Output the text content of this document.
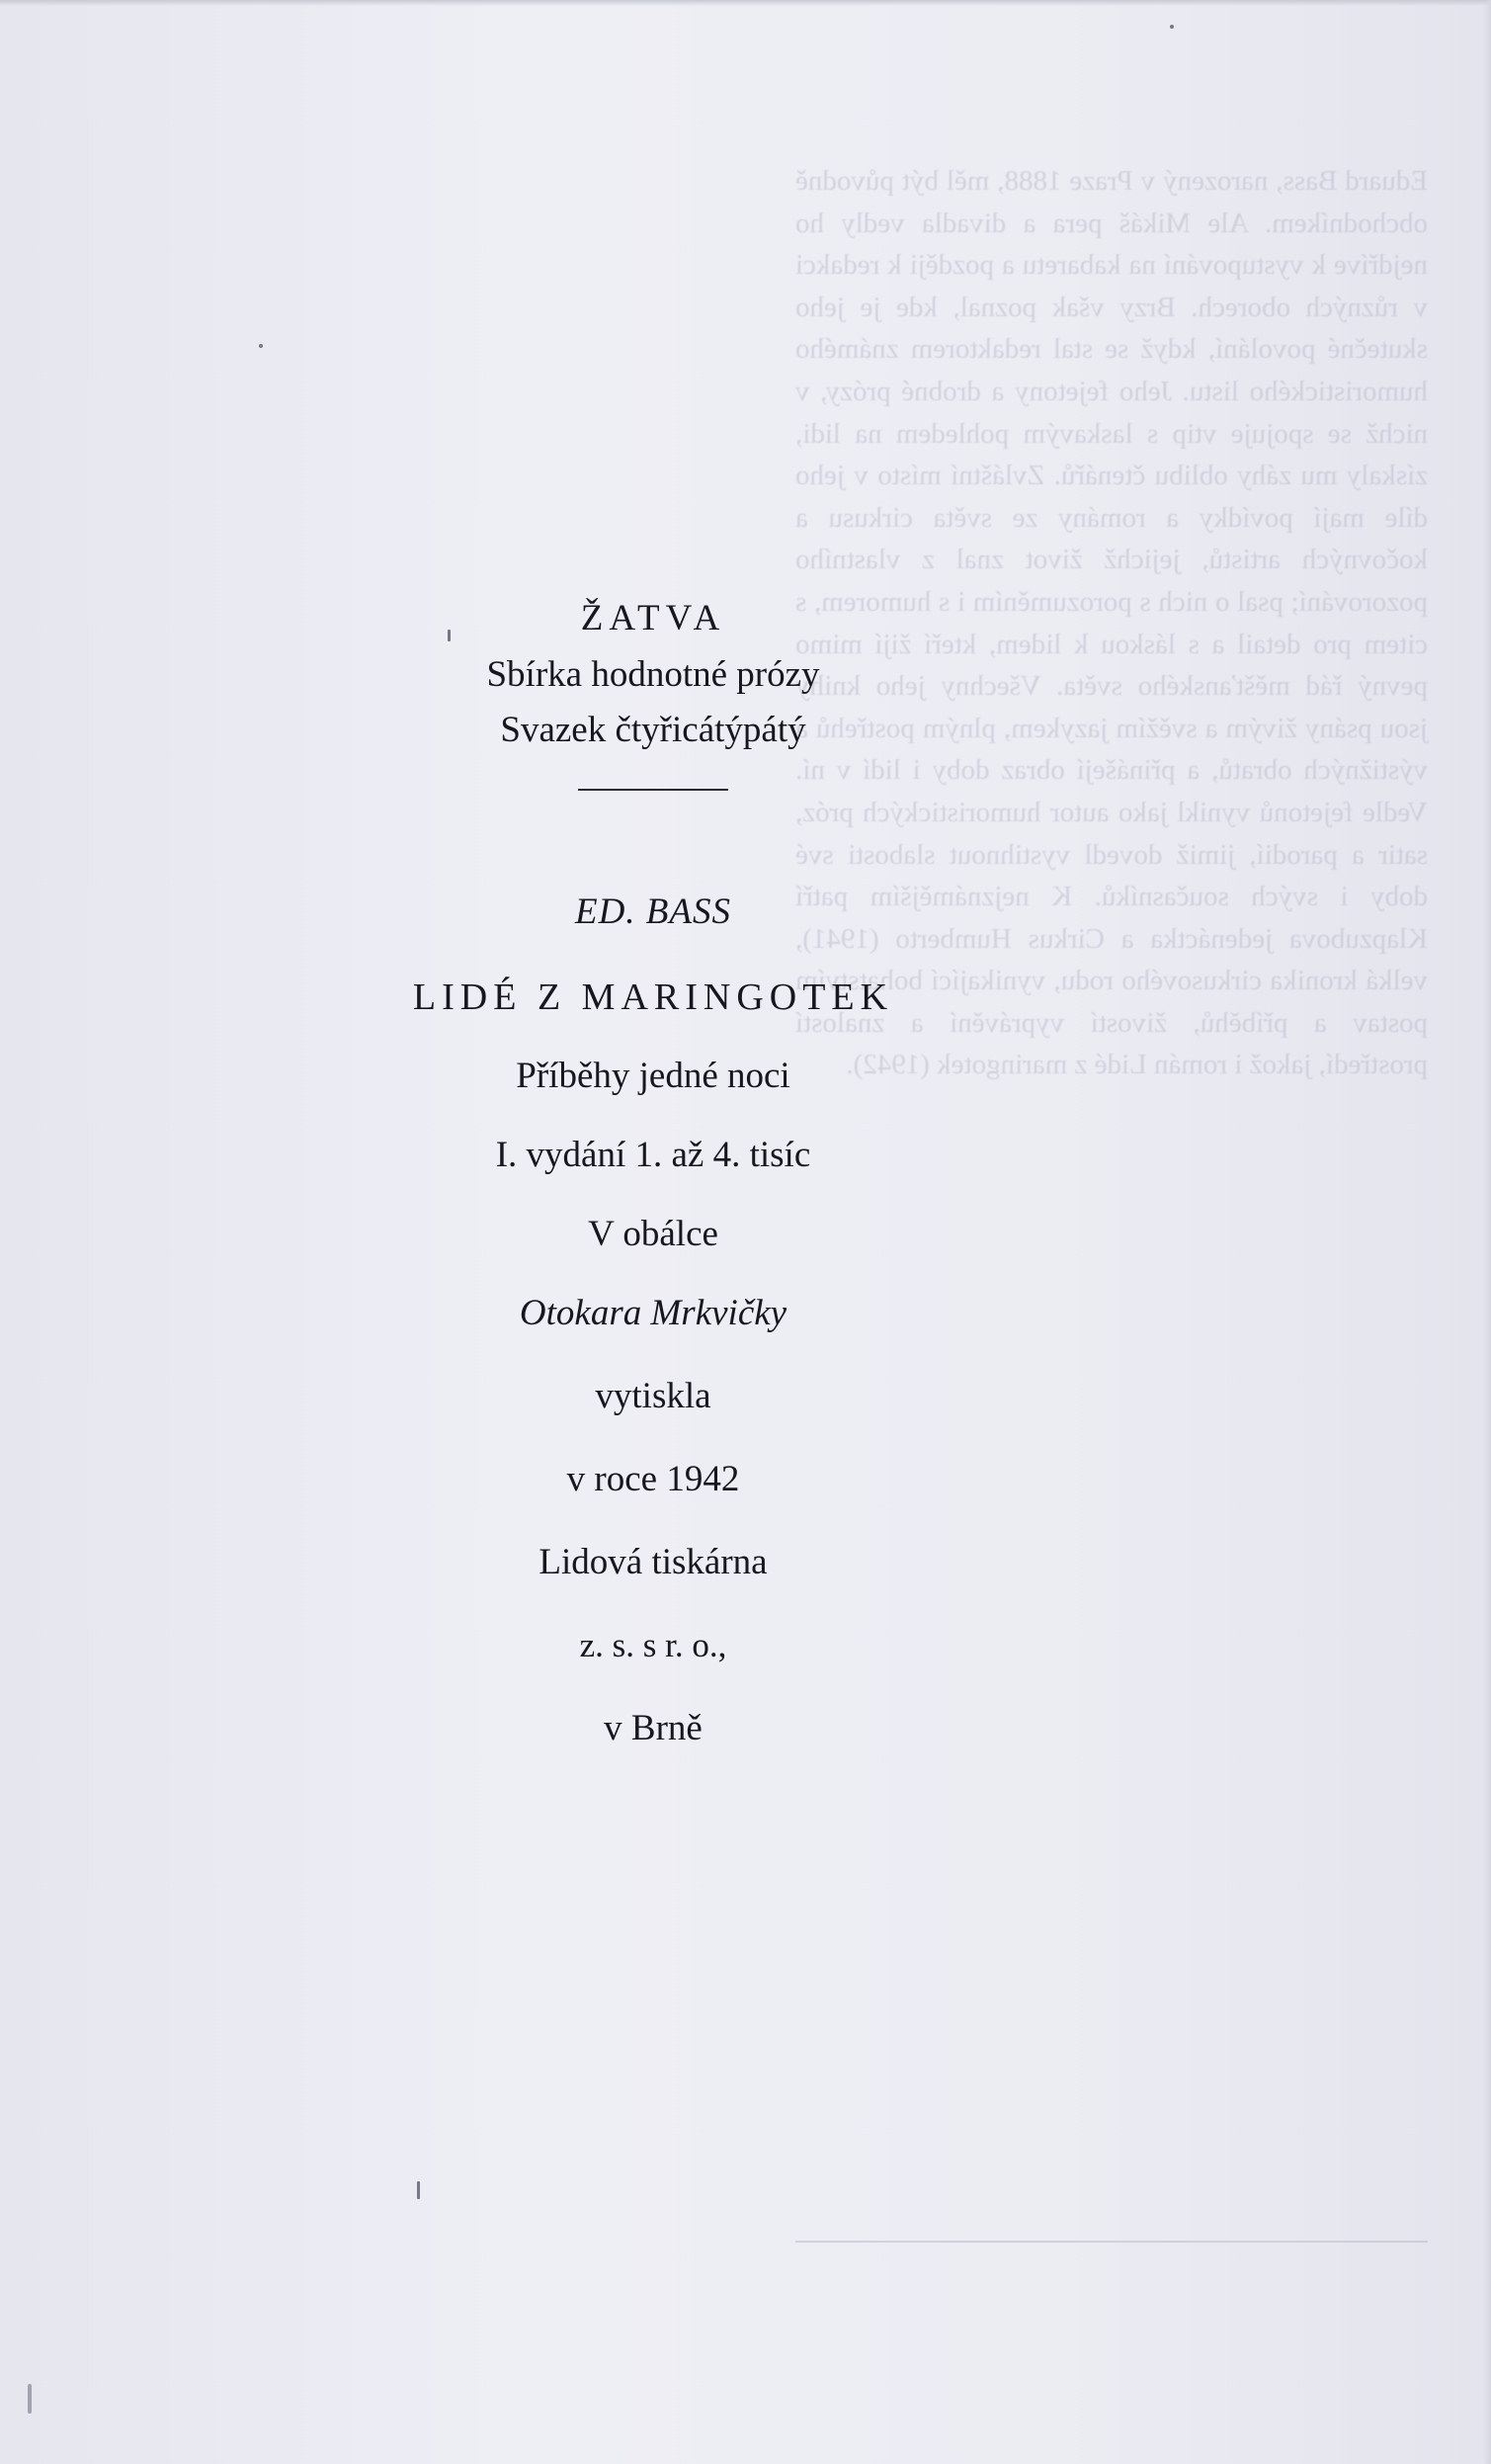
Eduard Bass, narozený v Praze 1888, měl být původně obchodníkem. Ale Mikáš pera a divadla vedly ho nejdříve k vystupování na kabaretu a později k redakci v různých oborech. Brzy však poznal, kde je jeho skutečné povolání, když se stal redaktorem známého humoristického listu. Jeho fejetony a drobné prózy, v nichž se spojuje vtip s laskavým pohledem na lidi, získaly mu záhy oblibu čtenářů. Zvláštní místo v jeho díle mají povídky a romány ze světa cirkusu a kočovných artistů, jejichž život znal z vlastního pozorování; psal o nich s porozuměním i s humorem, s citem pro detail a s láskou k lidem, kteří žijí mimo pevný řád měšťanského světa. Všechny jeho knihy jsou psány živým a svěžím jazykem, plným postřehů a výstižných obratů, a přinášejí obraz doby i lidí v ní. Vedle fejetonů vynikl jako autor humoristických próz, satir a parodií, jimiž dovedl vystihnout slabosti své doby i svých současníků. K nejznámějším patří Klapzubova jedenáctka a Cirkus Humberto (1941), velká kronika cirkusového rodu, vynikající bohatstvím postav a příběhů, živostí vyprávění a znalostí prostředí, jakož i román Lidé z maringotek (1942).
ŽATVA
Sbírka hodnotné prózy
Svazek čtyřicátýpátý
ED. BASS
LIDÉ Z MARINGOTEK
Příběhy jedné noci
I. vydání 1. až 4. tisíc
V obálce
Otokara Mrkvičky
vytiskla
v roce 1942
Lidová tiskárna
z. s. s r. o.,
v Brně
